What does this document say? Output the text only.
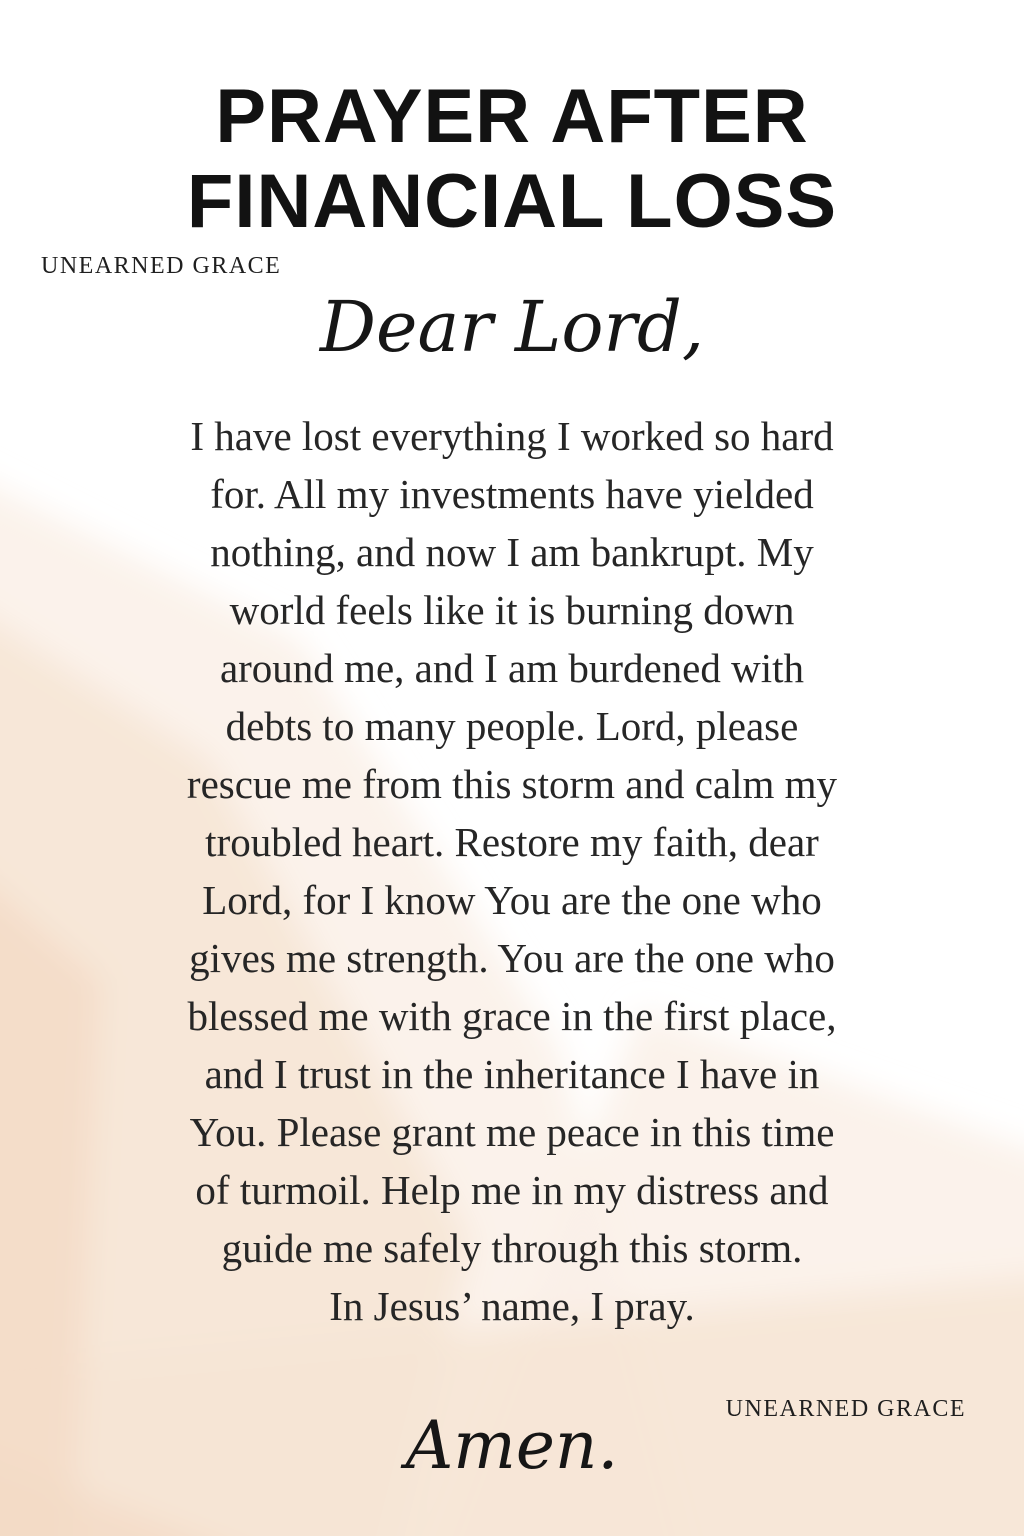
PRAYER AFTER
FINANCIAL LOSS
UNEARNED GRACE
Dear Lord,
I have lost everything I worked so hard
for. All my investments have yielded
nothing, and now I am bankrupt. My
world feels like it is burning down
around me, and I am burdened with
debts to many people. Lord, please
rescue me from this storm and calm my
troubled heart. Restore my faith, dear
Lord, for I know You are the one who
gives me strength. You are the one who
blessed me with grace in the first place,
and I trust in the inheritance I have in
You. Please grant me peace in this time
of turmoil. Help me in my distress and
guide me safely through this storm.
In Jesus’ name, I pray.
UNEARNED GRACE
Amen.
